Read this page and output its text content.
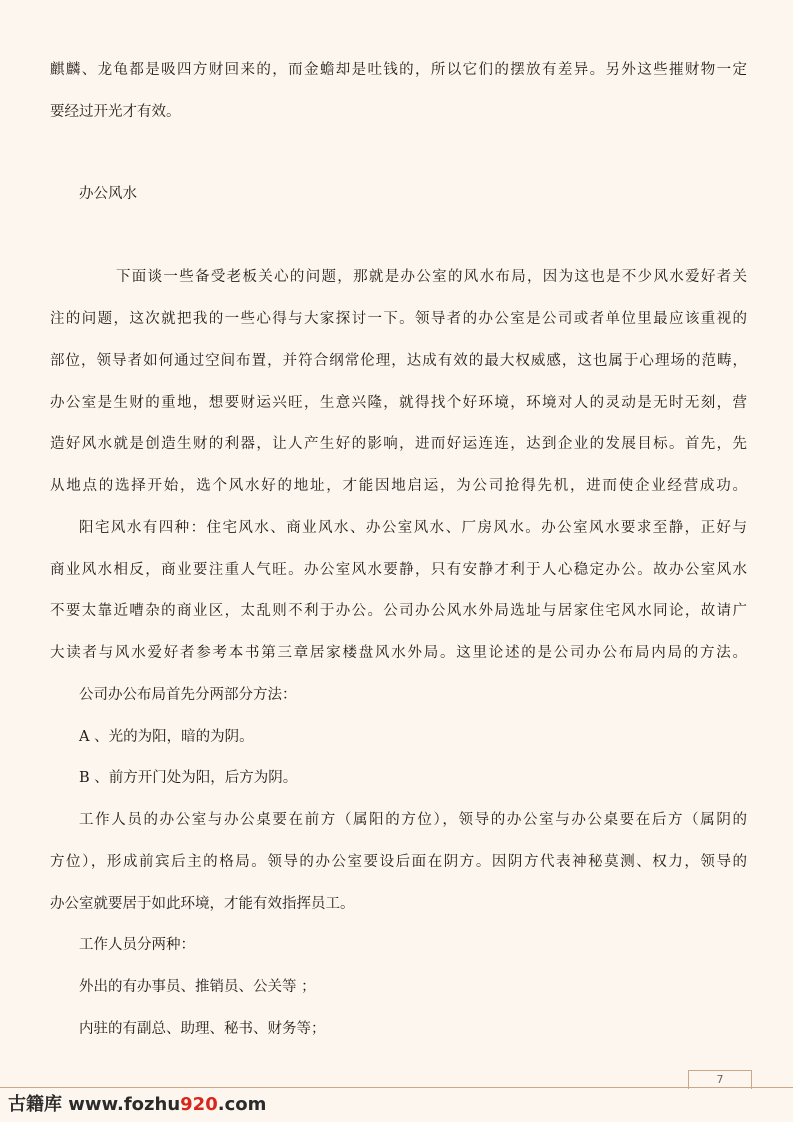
麒麟、龙龟都是吸四方财回来的，而金蟾却是吐钱的，所以它们的摆放有差异。另外这些摧财物一定
要经过开光才有效。
办公风水
下面谈一些备受老板关心的问题，那就是办公室的风水布局，因为这也是不少风水爱好者关
注的问题，这次就把我的一些心得与大家探讨一下。领导者的办公室是公司或者单位里最应该重视的
部位，领导者如何通过空间布置，并符合纲常伦理，达成有效的最大权威感，这也属于心理场的范畴，
办公室是生财的重地，想要财运兴旺，生意兴隆，就得找个好环境，环境对人的灵动是无时无刻，营
造好风水就是创造生财的利器，让人产生好的影响，进而好运连连，达到企业的发展目标。首先，先
从地点的选择开始，选个风水好的地址，才能因地启运，为公司抢得先机，进而使企业经营成功。
阳宅风水有四种：住宅风水、商业风水、办公室风水、厂房风水。办公室风水要求至静，正好与
商业风水相反，商业要注重人气旺。办公室风水要静，只有安静才利于人心稳定办公。故办公室风水
不要太靠近嘈杂的商业区，太乱则不利于办公。公司办公风水外局选址与居家住宅风水同论，故请广
大读者与风水爱好者参考本书第三章居家楼盘风水外局。这里论述的是公司办公布局内局的方法。
公司办公布局首先分两部分方法：
A 、光的为阳，暗的为阴。
B 、前方开门处为阳，后方为阴。
工作人员的办公室与办公桌要在前方（属阳的方位），领导的办公室与办公桌要在后方（属阴的
方位），形成前宾后主的格局。领导的办公室要设后面在阴方。因阴方代表神秘莫测、权力，领导的
办公室就要居于如此环境，才能有效指挥员工。
工作人员分两种：
外出的有办事员、推销员、公关等 ；
内驻的有副总、助理、秘书、财务等；
7
古籍库 www.fozhu920.com
